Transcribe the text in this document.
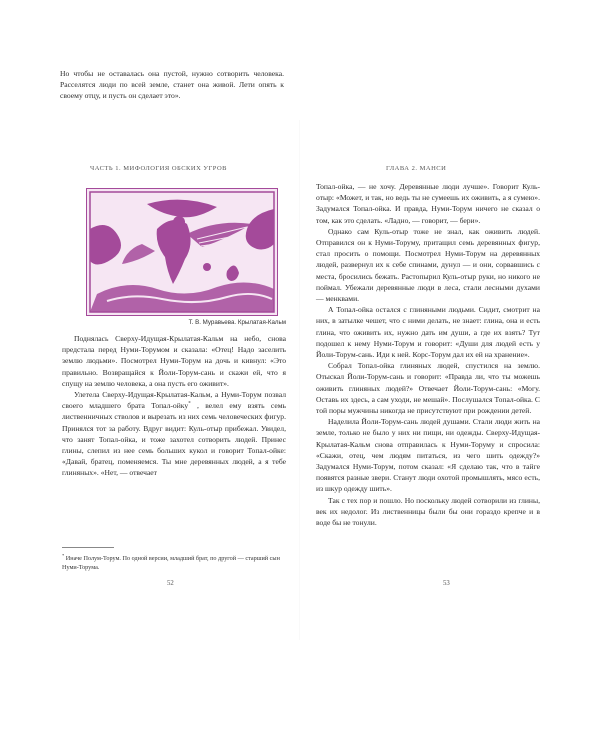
Но чтобы не оставалась она пустой, нужно сотворить человека. Расселятся люди по всей земле, станет она живой. Лети опять к своему отцу, и пусть он сделает это».
ЧАСТЬ 1. МИФОЛОГИЯ ОБСКИХ УГРОВ
Т. В. Муравьева. Крылатая-Кальм

Поднялась Сверху-Идущая-Крылатая-Кальм на небо, снова предстала перед Нуми-Торумом и сказала: «Отец! Надо заселить землю людьми». Посмотрел Нуми-Торум на дочь и кивнул: «Это правильно. Возвращайся к Йоли-Торум-сань и скажи ей, что я спущу на землю человека, а она пусть его оживит».

Улетела Сверху-Идущая-Крылатая-Кальм, а Нуми-Торум позвал своего младшего брата Топал-ойку* , велел ему взять семь лиственничных стволов и вырезать из них семь человеческих фигур. Принялся тот за работу. Вдруг видит: Куль-отыр прибежал. Увидел, что занят Топал-ойка, и тоже захотел сотворить людей. Принес глины, слепил из нее семь больших кукол и говорит Топал-ойке: «Давай, братец, поменяемся. Ты мне деревянных людей, а я тебе глиняных». «Нет, — отвечает

* Иначе Полум-Торум. По одной версии, младший брат, по другой — старший сын Нуми-Торума.
52
ГЛАВА 2. МАНСИ

Топал-ойка, — не хочу. Деревянные люди лучше». Говорит Куль-отыр: «Может, и так, но ведь ты не сумеешь их оживить, а я сумею». Задумался Топал-ойка. И правда, Нуми-Торум ничего не сказал о том, как это сделать. «Ладно, — говорит, — бери».

Однако сам Куль-отыр тоже не знал, как оживить людей. Отправился он к Нуми-Торуму, притащил семь деревянных фигур, стал просить о помощи. Посмотрел Нуми-Торум на деревянных людей, развернул их к себе спинами, дунул — и они, сорвавшись с места, бросились бежать. Растопырил Куль-отыр руки, но никого не поймал. Убежали деревянные люди в леса, стали лесными духами — менквами.

А Топал-ойка остался с глиняными людьми. Сидит, смотрит на них, в затылке чешет, что с ними делать, не знает: глина, она и есть глина, что оживить их, нужно дать им души, а где их взять? Тут подошел к нему Нуми-Торум и говорит: «Души для людей есть у Йоли-Торум-сань. Иди к ней. Корс-Торум дал их ей на хранение».

Собрал Топал-ойка глиняных людей, спустился на землю. Отыскал Йоли-Торум-сань и говорит: «Правда ли, что ты можешь оживить глиняных людей?» Отвечает Йоли-Торум-сань: «Могу. Оставь их здесь, а сам уходи, не мешай». Послушался Топал-ойка. С той поры мужчины никогда не присутствуют при рождении детей.

Наделила Йоли-Торум-сань людей душами. Стали люди жить на земле, только не было у них ни пищи, ни одежды. Сверху-Идущая-Крылатая-Кальм снова отправилась к Нуми-Торуму и спросила: «Скажи, отец, чем людям питаться, из чего шить одежду?» Задумался Нуми-Торум, потом сказал: «Я сделаю так, что в тайге появятся разные звери. Станут люди охотой промышлять, мясо есть, из шкур одежду шить».

Так с тех пор и пошло. Но поскольку людей сотворили из глины, век их недолог. Из лиственницы были бы они гораздо крепче и в воде бы не тонули.

53
